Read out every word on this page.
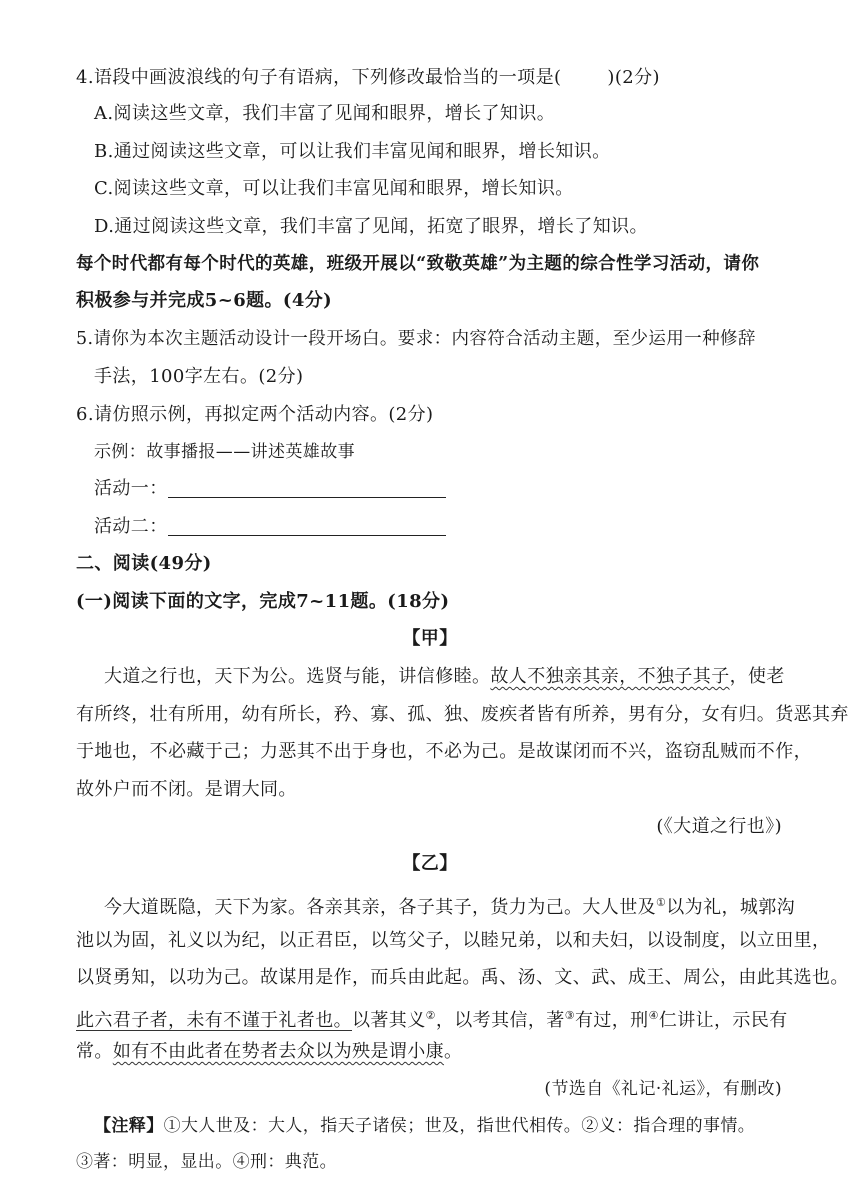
4.语段中画波浪线的句子有语病，下列修改最恰当的一项是(	)(2分)
A.阅读这些文章，我们丰富了见闻和眼界，增长了知识。
B.通过阅读这些文章，可以让我们丰富见闻和眼界，增长知识。
C.阅读这些文章，可以让我们丰富见闻和眼界，增长知识。
D.通过阅读这些文章，我们丰富了见闻，拓宽了眼界，增长了知识。
每个时代都有每个时代的英雄，班级开展以“致敬英雄”为主题的综合性学习活动，请你
积极参与并完成5~6题。(4分)
5.请你为本次主题活动设计一段开场白。要求：内容符合活动主题，至少运用一种修辞
手法，100字左右。(2分)
6.请仿照示例，再拟定两个活动内容。(2分)
示例：故事播报——讲述英雄故事
活动一：
活动二：
二、阅读(49分)
(一)阅读下面的文字，完成7~11题。(18分)
【甲】
大道之行也，天下为公。选贤与能，讲信修睦。故人不独亲其亲，不独子其子，使老
有所终，壮有所用，幼有所长，矜、寡、孤、独、废疾者皆有所养，男有分，女有归。货恶其弃
于地也，不必藏于己；力恶其不出于身也，不必为己。是故谋闭而不兴，盗窃乱贼而不作，
故外户而不闭。是谓大同。
(《大道之行也》)
【乙】
今大道既隐，天下为家。各亲其亲，各子其子，货力为己。大人世及①以为礼，城郭沟
池以为固，礼义以为纪，以正君臣，以笃父子，以睦兄弟，以和夫妇，以设制度，以立田里，
以贤勇知，以功为己。故谋用是作，而兵由此起。禹、汤、文、武、成王、周公，由此其选也。
此六君子者，未有不谨于礼者也。以著其义②，以考其信，著③有过，刑④仁讲让，示民有
常。如有不由此者在势者去众以为殃是谓小康。
(节选自《礼记·礼运》，有删改)
【注释】①大人世及：大人，指天子诸侯；世及，指世代相传。②义：指合理的事情。
③著：明显，显出。④刑：典范。
